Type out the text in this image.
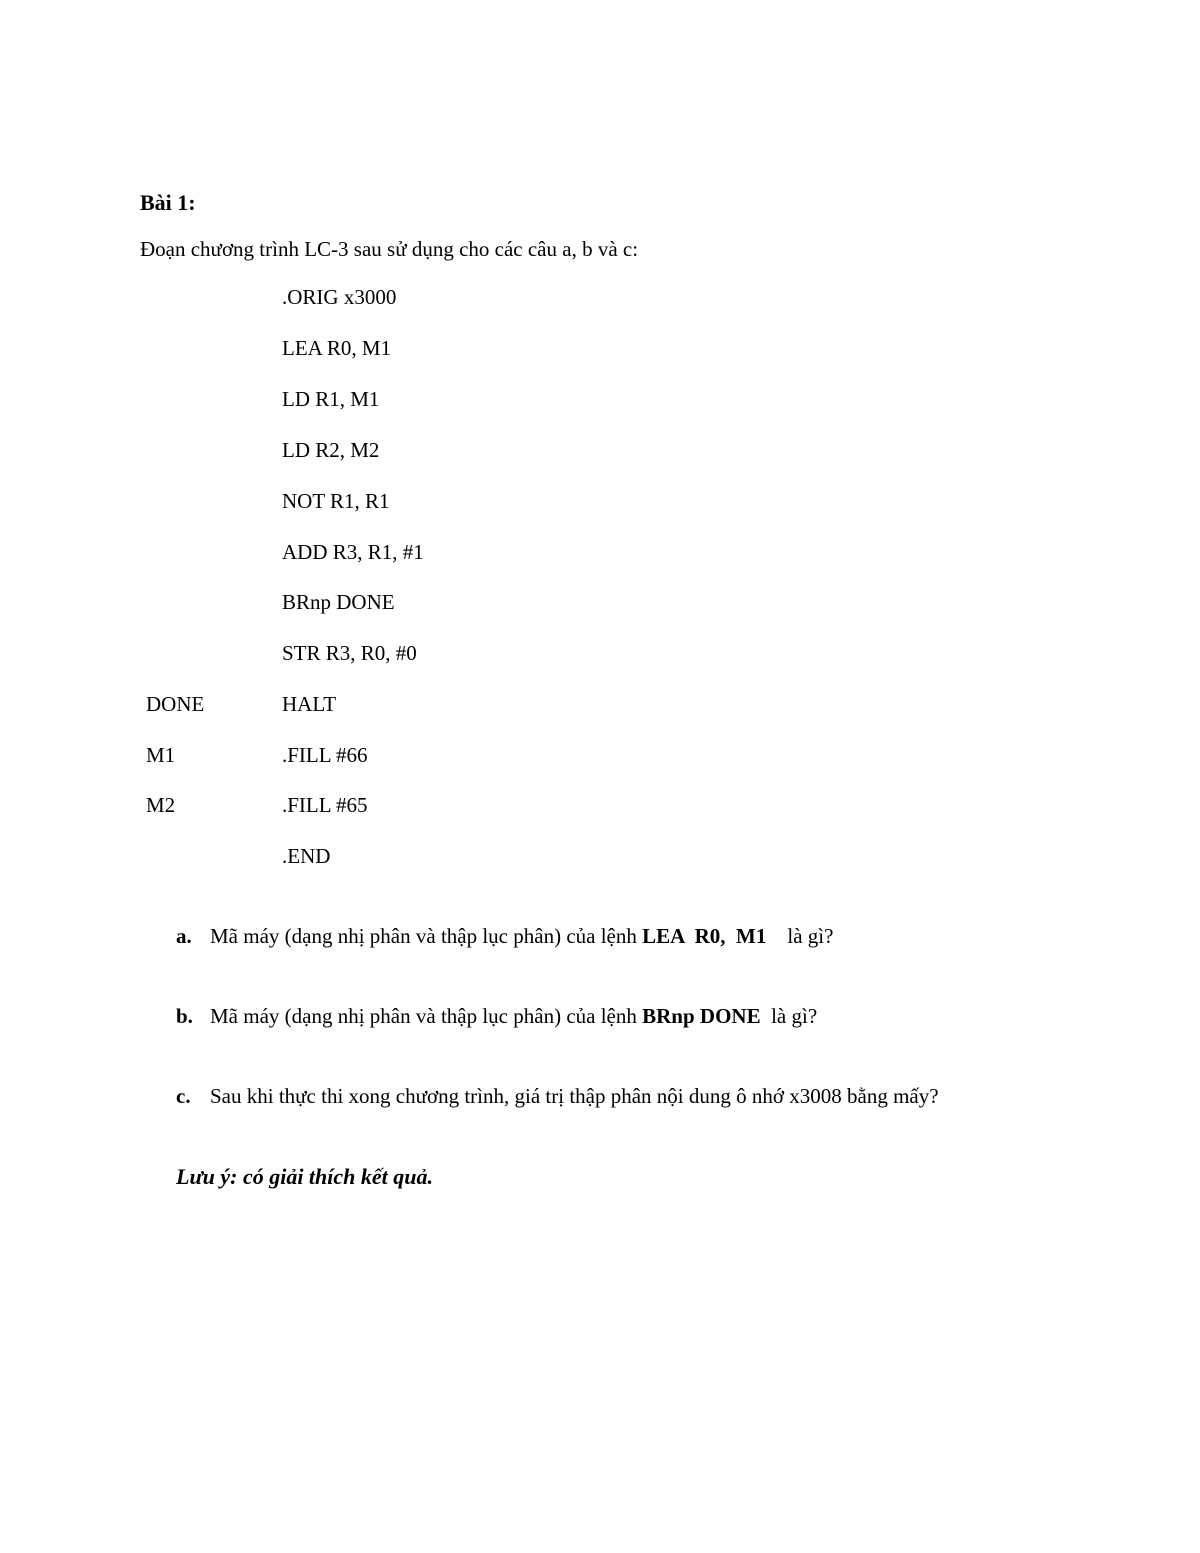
Bài 1:
Đoạn chương trình LC-3 sau sử dụng cho các câu a, b và c:
.ORIG x3000
LEA R0, M1
LD R1, M1
LD R2, M2
NOT R1, R1
ADD R3, R1, #1
BRnp DONE
STR R3, R0, #0
DONE	HALT
M1	.FILL #66
M2	.FILL #65
.END
a. Mã máy (dạng nhị phân và thập lục phân) của lệnh LEA  R0,  M1    là gì?
b. Mã máy (dạng nhị phân và thập lục phân) của lệnh BRnp DONE  là gì?
c. Sau khi thực thi xong chương trình, giá trị thập phân nội dung ô nhớ x3008 bằng mấy?
Lưu ý: có giải thích kết quả.
